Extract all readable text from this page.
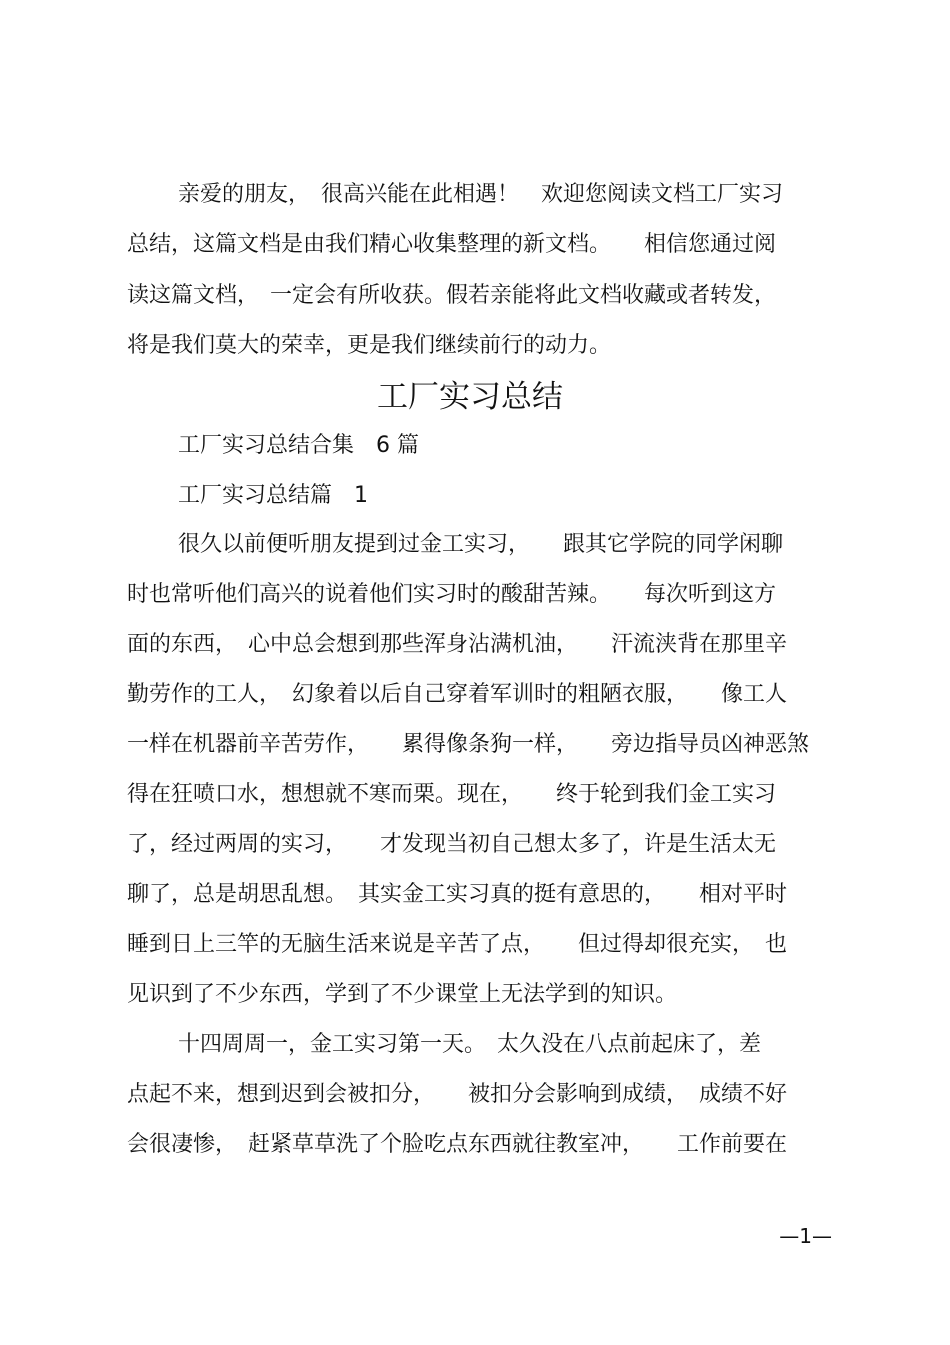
亲爱的朋友，　很高兴能在此相遇！　欢迎您阅读文档工厂实习
总结，这篇文档是由我们精心收集整理的新文档。　　相信您通过阅
读这篇文档，　一定会有所收获。假若亲能将此文档收藏或者转发，
将是我们莫大的荣幸，更是我们继续前行的动力。
工厂实习总结
工厂实习总结合集　6 篇
工厂实习总结篇　1
很久以前便听朋友提到过金工实习，　　跟其它学院的同学闲聊
时也常听他们高兴的说着他们实习时的酸甜苦辣。　　每次听到这方
面的东西，　心中总会想到那些浑身沾满机油，　　汗流浃背在那里辛
勤劳作的工人，　幻象着以后自己穿着军训时的粗陋衣服，　　像工人
一样在机器前辛苦劳作，　　累得像条狗一样，　　旁边指导员凶神恶煞
得在狂喷口水，想想就不寒而栗。现在，　　终于轮到我们金工实习
了，经过两周的实习，　　才发现当初自己想太多了，许是生活太无
聊了，总是胡思乱想。　其实金工实习真的挺有意思的，　　相对平时
睡到日上三竿的无脑生活来说是辛苦了点，　　但过得却很充实，　也
见识到了不少东西，学到了不少课堂上无法学到的知识。
十四周周一，金工实习第一天。　太久没在八点前起床了，差
点起不来，想到迟到会被扣分，　　被扣分会影响到成绩，　成绩不好
会很凄惨，　赶紧草草洗了个脸吃点东西就往教室冲，　　工作前要在
—1—
